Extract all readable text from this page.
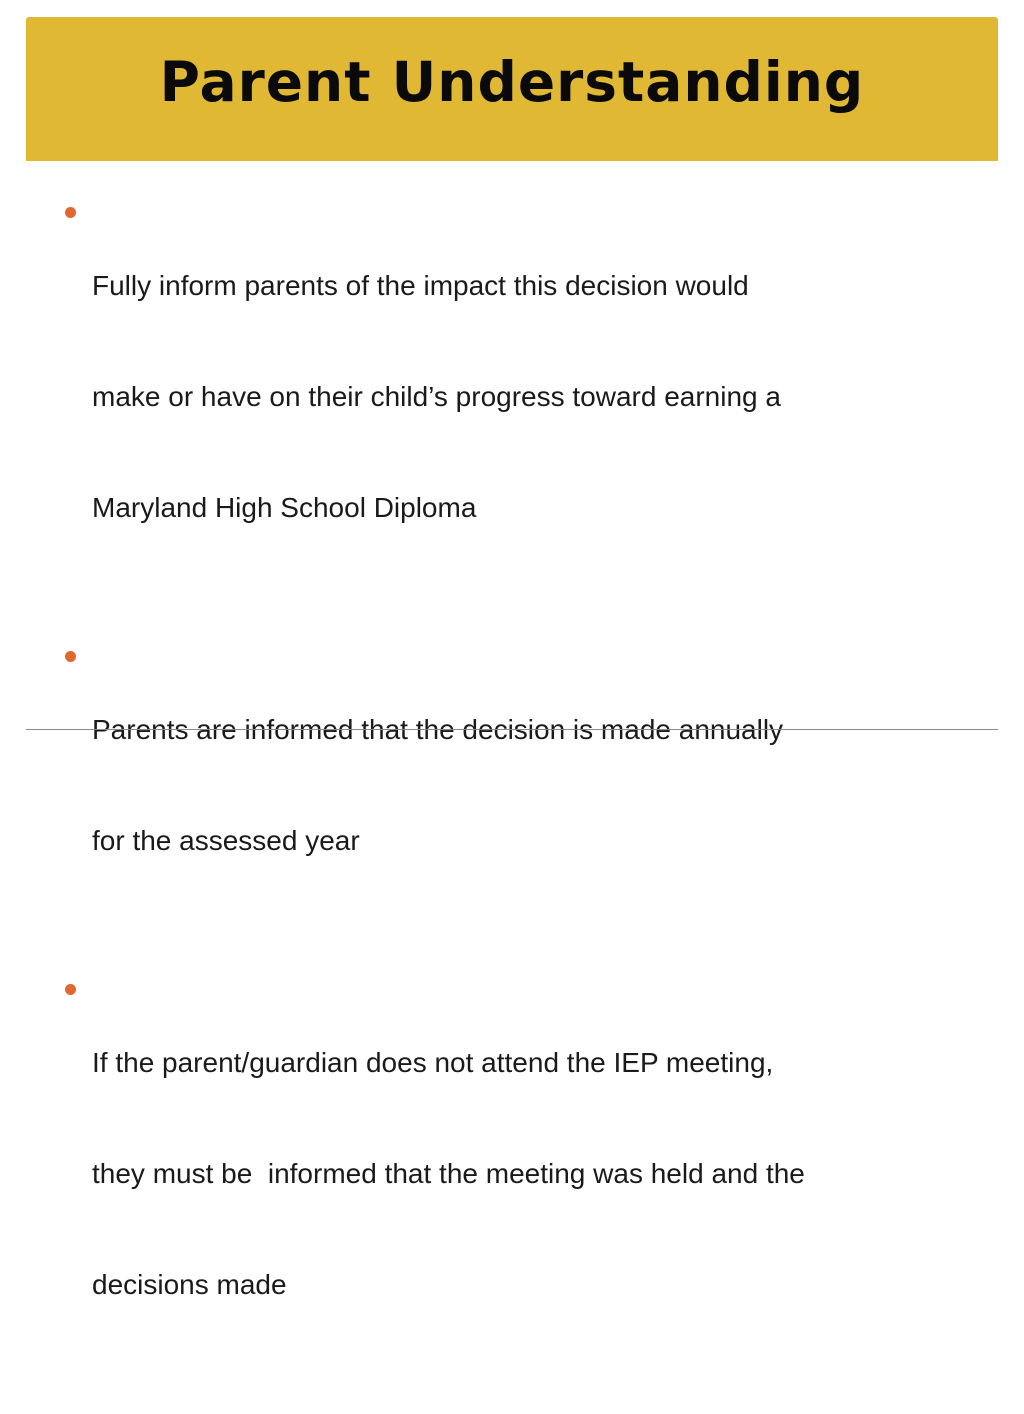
Parent Understanding

Fully inform parents of the impact this decision would

make or have on their child’s progress toward earning a

Maryland High School Diploma

Parents are informed that the decision is made annually

for the assessed year

If the parent/guardian does not attend the IEP meeting,

they must be  informed that the meeting was held and the

decisions made
